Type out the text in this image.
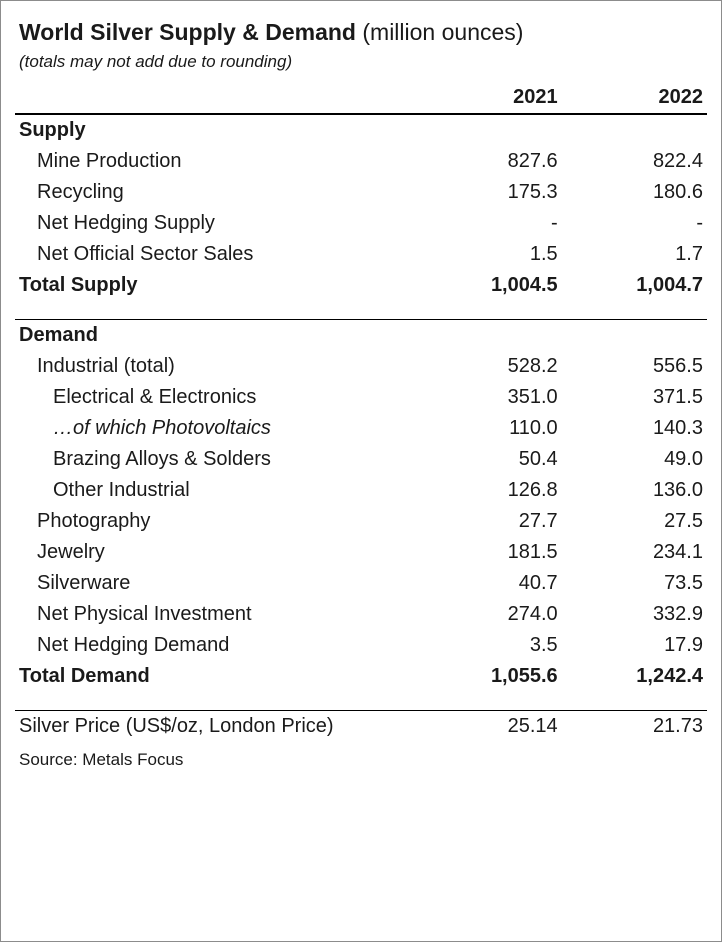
World Silver Supply & Demand (million ounces)
(totals may not add due to rounding)
	2021	2022
Supply		
Mine Production	827.6	822.4
Recycling	175.3	180.6
Net Hedging Supply	-	-
Net Official Sector Sales	1.5	1.7
Total Supply	1,004.5	1,004.7

Demand		
Industrial (total)	528.2	556.5
Electrical & Electronics	351.0	371.5
…of which Photovoltaics	110.0	140.3
Brazing Alloys & Solders	50.4	49.0
Other Industrial	126.8	136.0
Photography	27.7	27.5
Jewelry	181.5	234.1
Silverware	40.7	73.5
Net Physical Investment	274.0	332.9
Net Hedging Demand	3.5	17.9
Total Demand	1,055.6	1,242.4

Silver Price (US$/oz, London Price)	25.14	21.73
Source: Metals Focus
